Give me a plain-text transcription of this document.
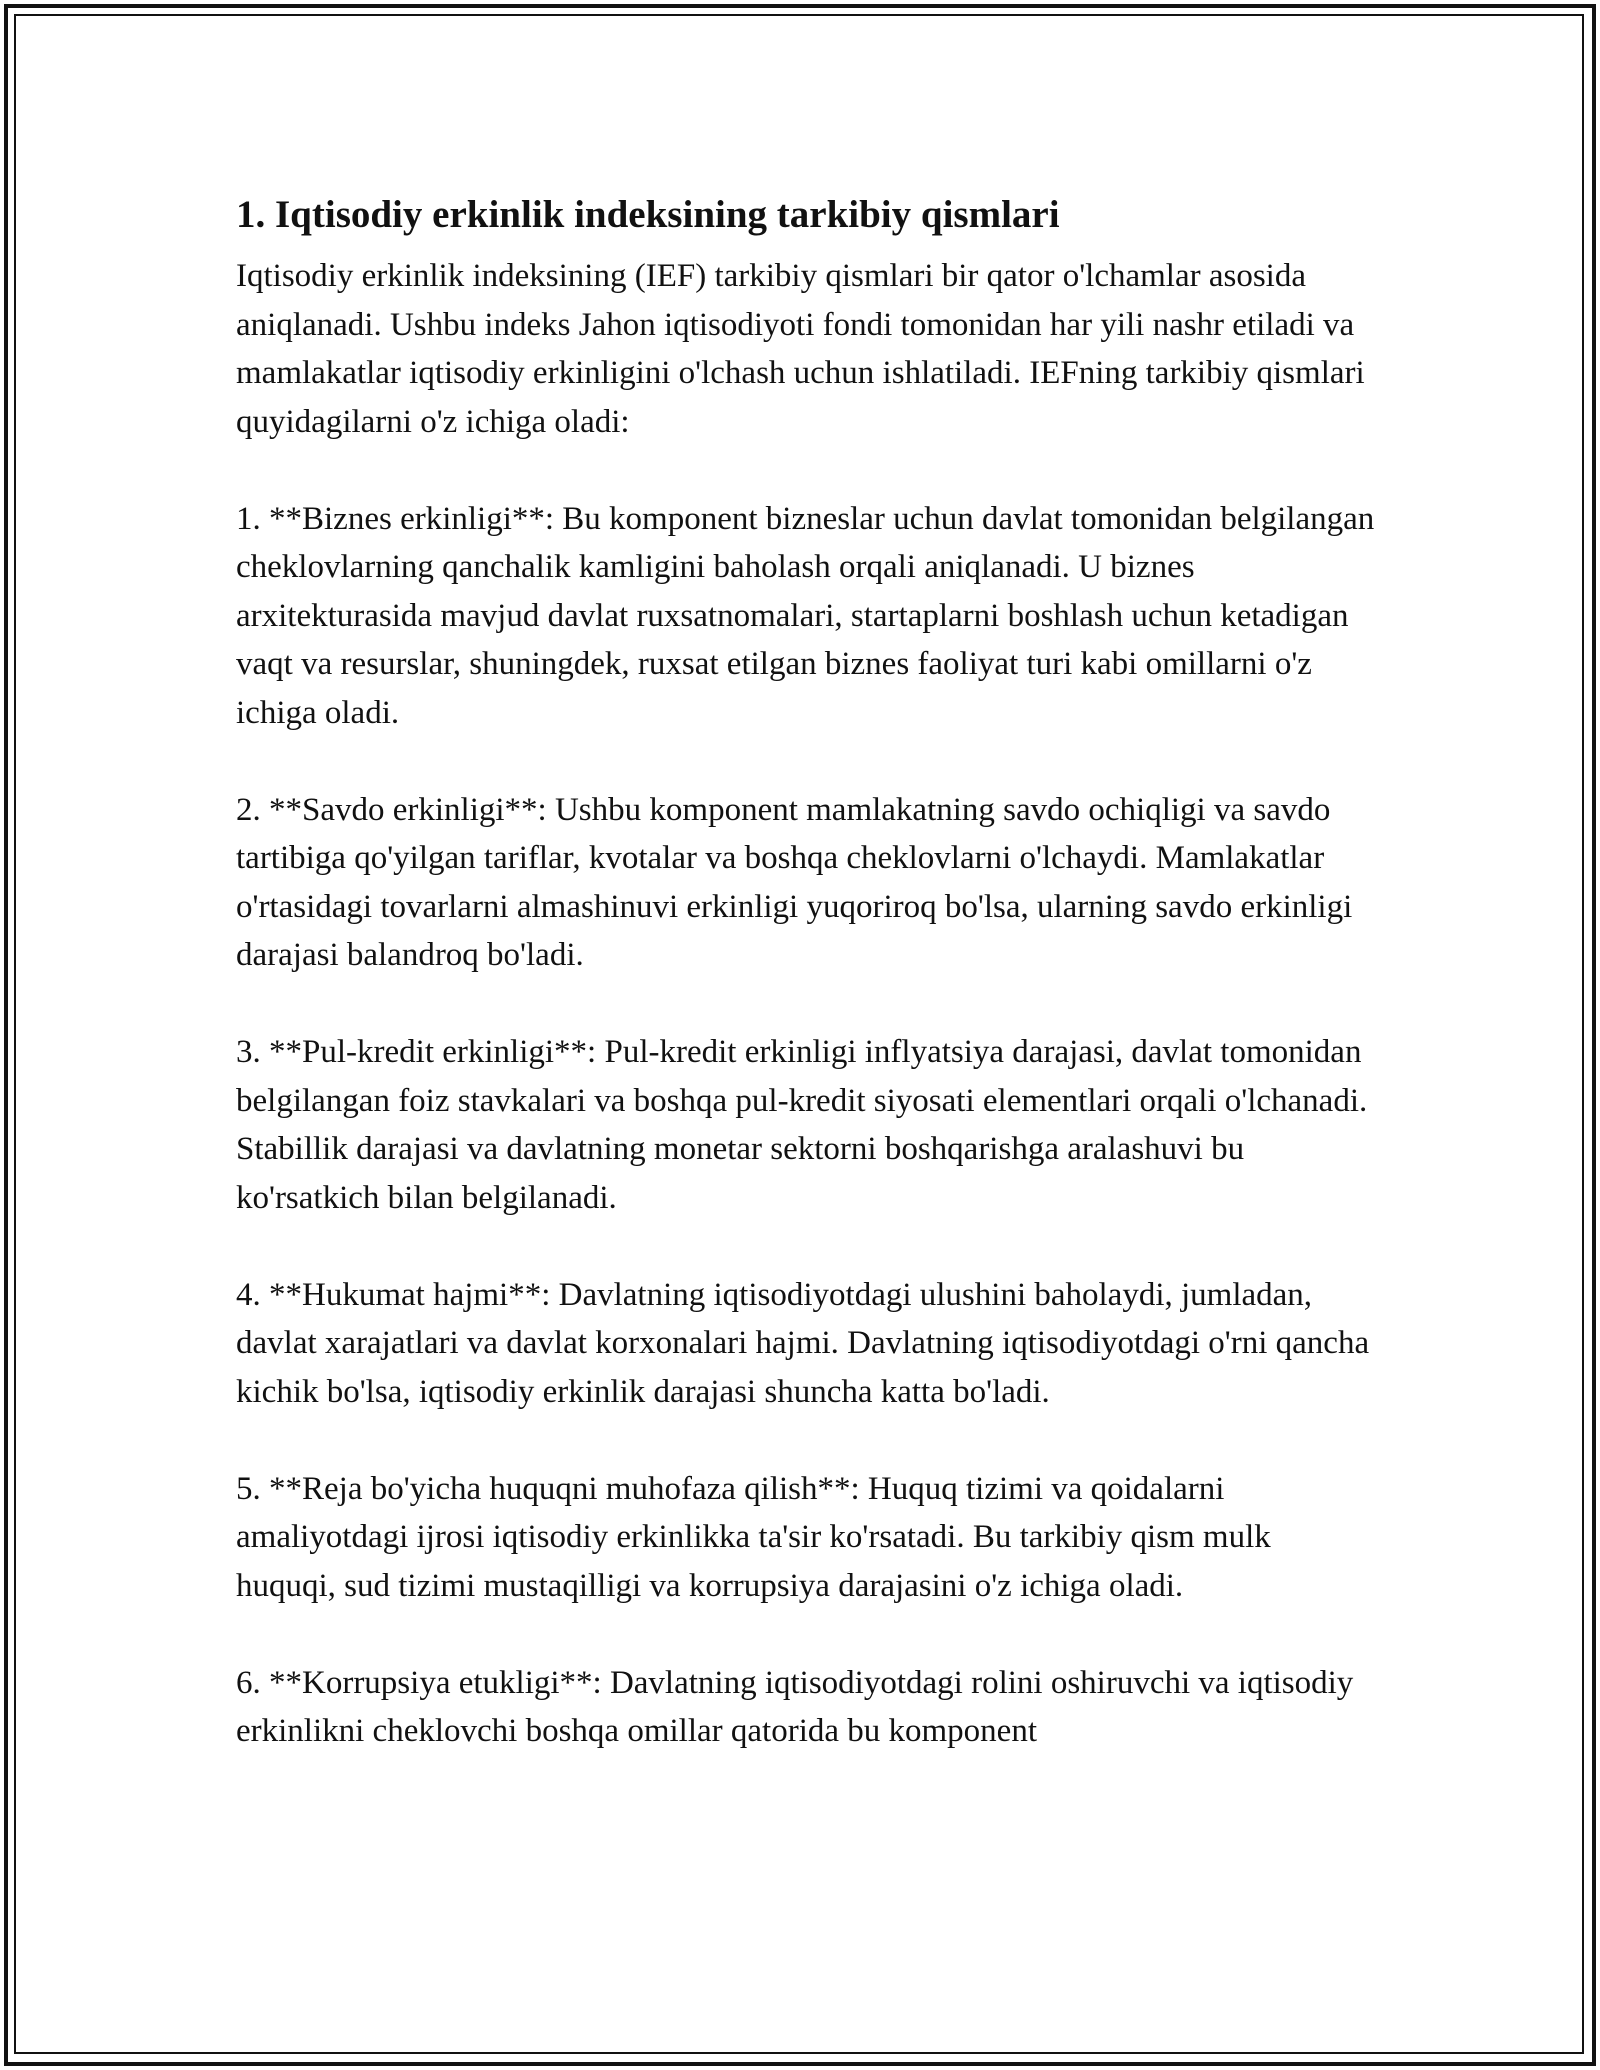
1. Iqtisodiy erkinlik indeksining tarkibiy qismlari

Iqtisodiy erkinlik indeksining (IEF) tarkibiy qismlari bir qator o'lchamlar asosida aniqlanadi. Ushbu indeks Jahon iqtisodiyoti fondi tomonidan har yili nashr etiladi va mamlakatlar iqtisodiy erkinligini o'lchash uchun ishlatiladi. IEFning tarkibiy qismlari quyidagilarni o'z ichiga oladi:

1. **Biznes erkinligi**: Bu komponent bizneslar uchun davlat tomonidan belgilangan cheklovlarning qanchalik kamligini baholash orqali aniqlanadi. U biznes arxitekturasida mavjud davlat ruxsatnomalari, startaplarni boshlash uchun ketadigan vaqt va resurslar, shuningdek, ruxsat etilgan biznes faoliyat turi kabi omillarni o'z ichiga oladi.

2. **Savdo erkinligi**: Ushbu komponent mamlakatning savdo ochiqligi va savdo tartibiga qo'yilgan tariflar, kvotalar va boshqa cheklovlarni o'lchaydi. Mamlakatlar o'rtasidagi tovarlarni almashinuvi erkinligi yuqoriroq bo'lsa, ularning savdo erkinligi darajasi balandroq bo'ladi.

3. **Pul-kredit erkinligi**: Pul-kredit erkinligi inflyatsiya darajasi, davlat tomonidan belgilangan foiz stavkalari va boshqa pul-kredit siyosati elementlari orqali o'lchanadi. Stabillik darajasi va davlatning monetar sektorni boshqarishga aralashuvi bu ko'rsatkich bilan belgilanadi.

4. **Hukumat hajmi**: Davlatning iqtisodiyotdagi ulushini baholaydi, jumladan, davlat xarajatlari va davlat korxonalari hajmi. Davlatning iqtisodiyotdagi o'rni qancha kichik bo'lsa, iqtisodiy erkinlik darajasi shuncha katta bo'ladi.

5. **Reja bo'yicha huquqni muhofaza qilish**: Huquq tizimi va qoidalarni amaliyotdagi ijrosi iqtisodiy erkinlikka ta'sir ko'rsatadi. Bu tarkibiy qism mulk huquqi, sud tizimi mustaqilligi va korrupsiya darajasini o'z ichiga oladi.

6. **Korrupsiya etukligi**: Davlatning iqtisodiyotdagi rolini oshiruvchi va iqtisodiy erkinlikni cheklovchi boshqa omillar qatorida bu komponent
